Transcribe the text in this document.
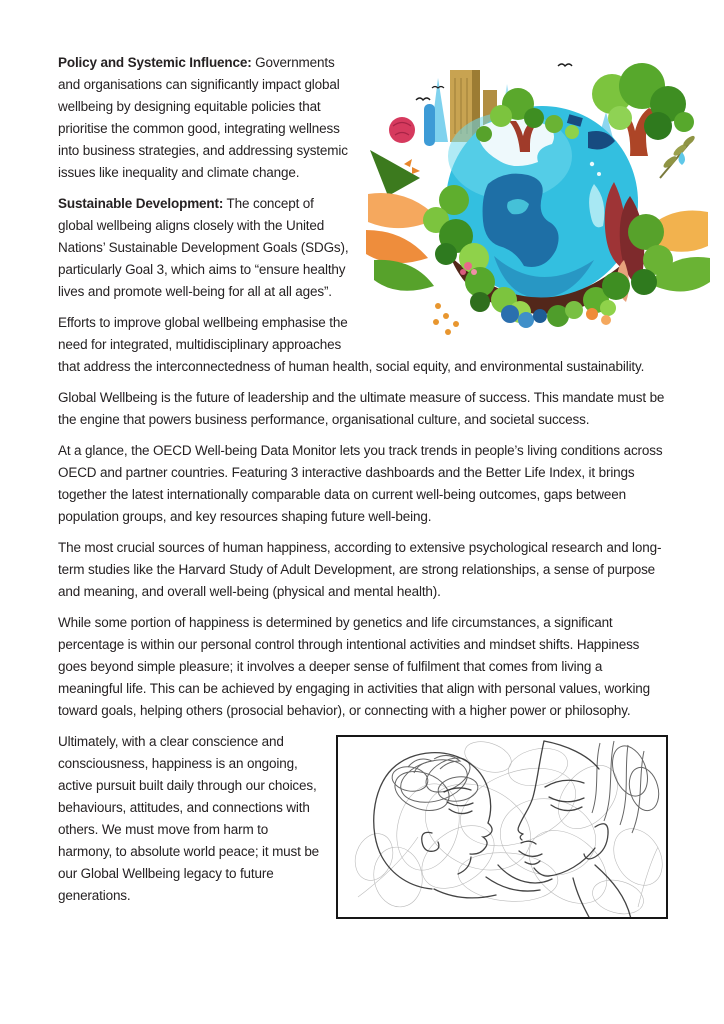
Policy and Systemic Influence: Governments and organisations can significantly impact global wellbeing by designing equitable policies that prioritise the common good, integrating wellness into business strategies, and addressing systemic issues like inequality and climate change.

Sustainable Development: The concept of global wellbeing aligns closely with the United Nations’ Sustainable Development Goals (SDGs), particularly Goal 3, which aims to “ensure healthy lives and promote well-being for all at all ages”.

Efforts to improve global wellbeing emphasise the need for integrated, multidisciplinary approaches that address the interconnectedness of human health, social equity, and environmental sustainability.

Global Wellbeing is the future of leadership and the ultimate measure of success. This mandate must be the engine that powers business performance, organisational culture, and societal success.

At a glance, the OECD Well-being Data Monitor lets you track trends in people’s living conditions across OECD and partner countries. Featuring 3 interactive dashboards and the Better Life Index, it brings together the latest internationally comparable data on current well-being outcomes, gaps between population groups, and key resources shaping future well-being.

The most crucial sources of human happiness, according to extensive psychological research and long-term studies like the Harvard Study of Adult Development, are strong relationships, a sense of purpose and meaning, and overall well-being (physical and mental health).

While some portion of happiness is determined by genetics and life circumstances, a significant percentage is within our personal control through intentional activities and mindset shifts. Happiness goes beyond simple pleasure; it involves a deeper sense of fulfilment that comes from living a meaningful life. This can be achieved by engaging in activities that align with personal values, working toward goals, helping others (prosocial behavior), or connecting with a higher power or philosophy.

Ultimately, with a clear conscience and consciousness, happiness is an ongoing, active pursuit built daily through our choices, behaviours, attitudes, and connections with others. We must move from harm to harmony, to absolute world peace; it must be our Global Wellbeing legacy to future generations.
